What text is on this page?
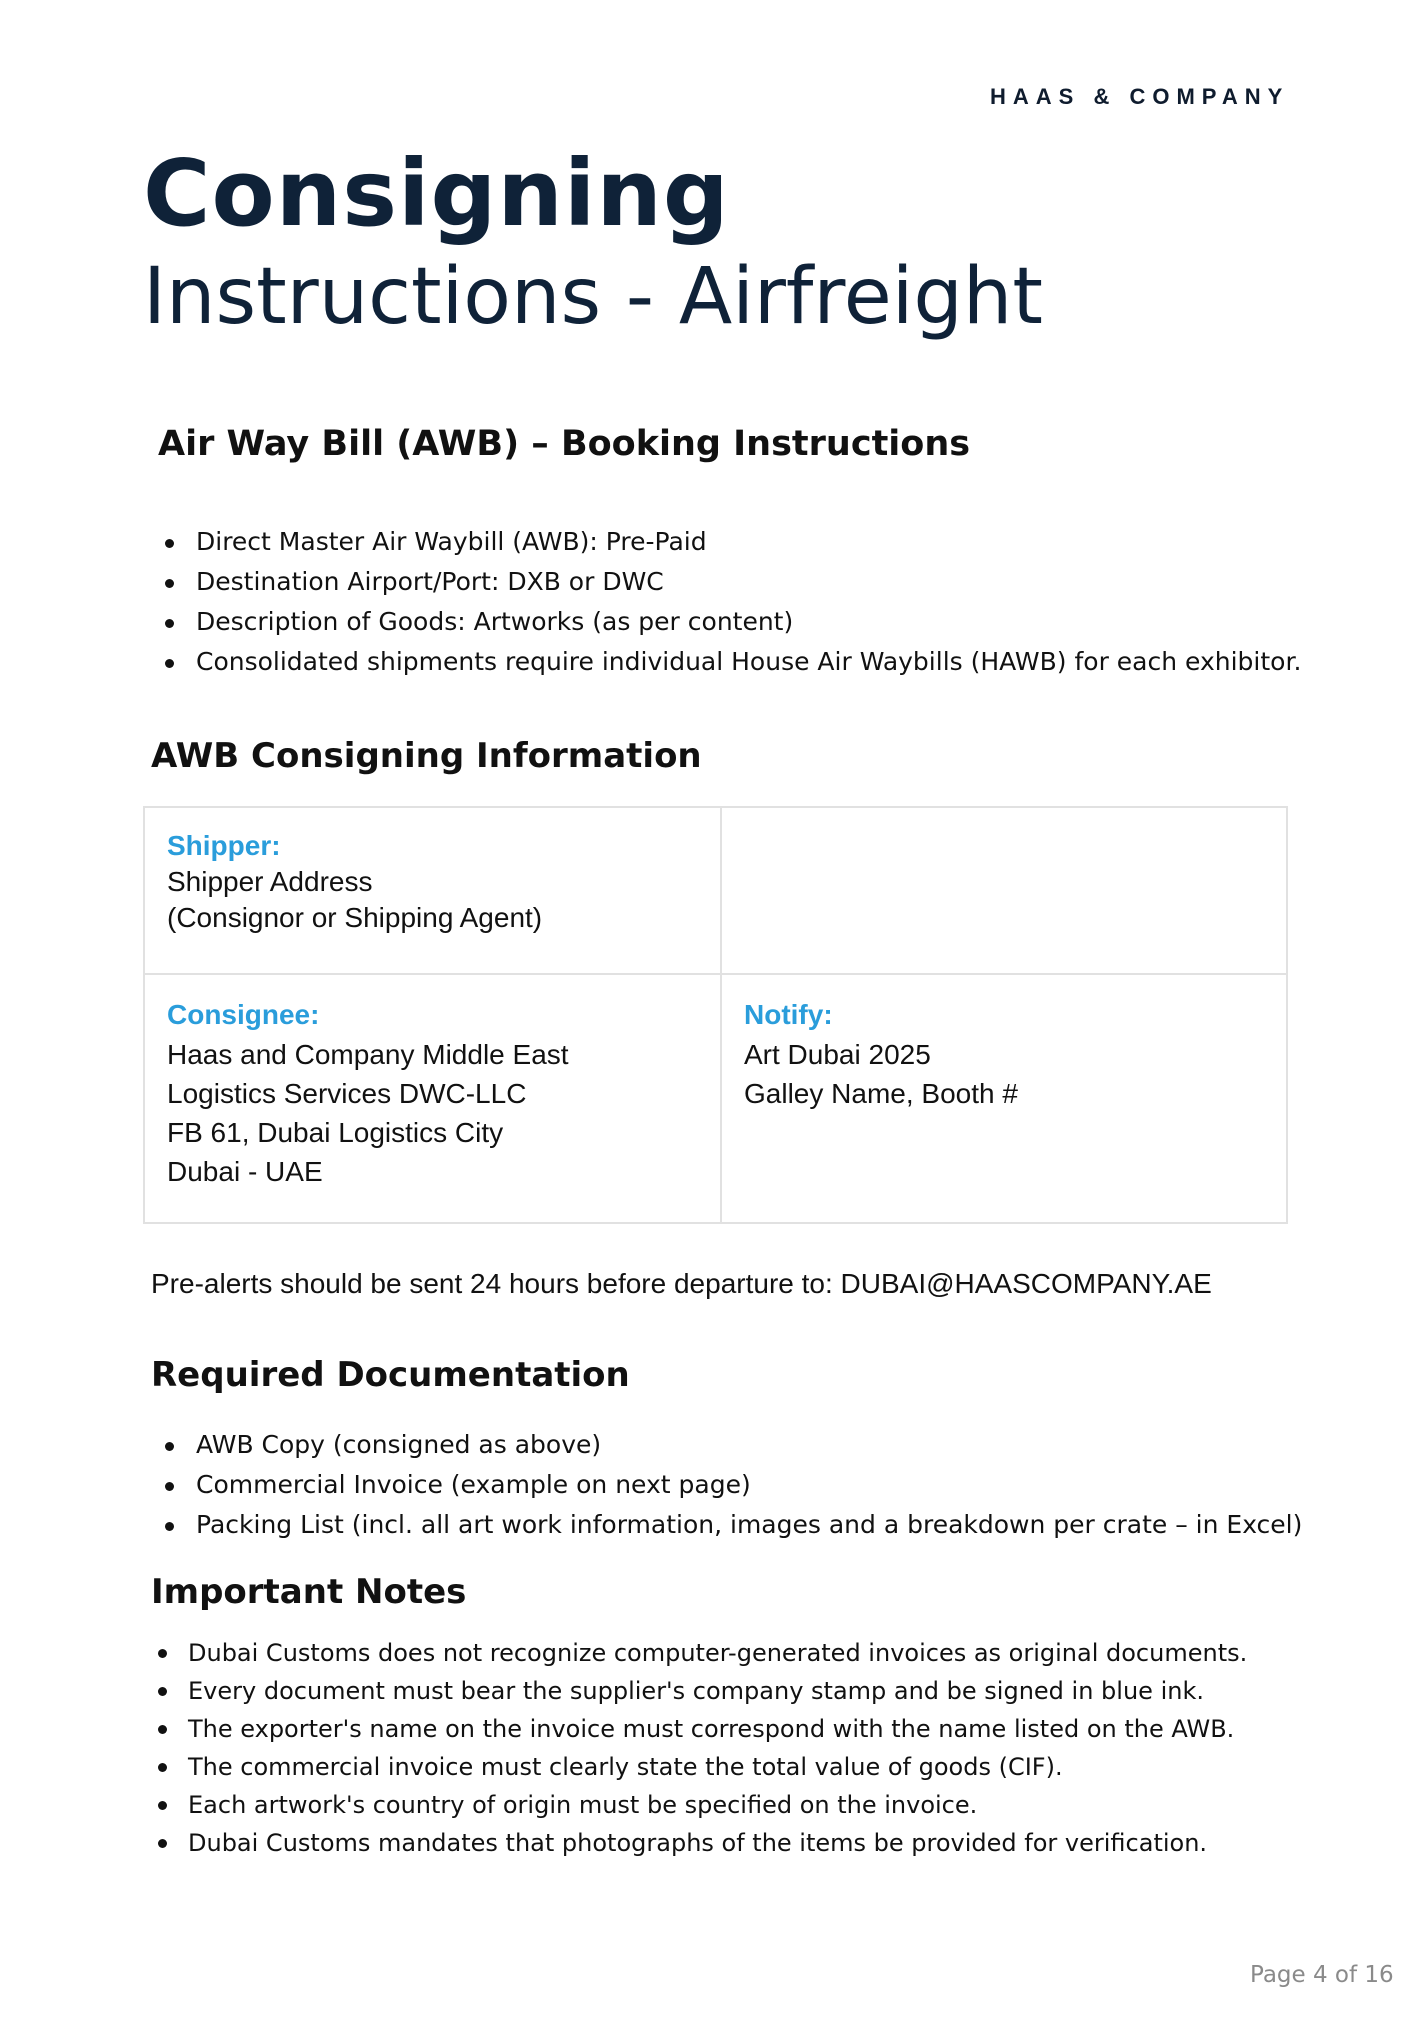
HAAS & COMPANY
Consigning
Instructions - Airfreight
Air Way Bill (AWB) – Booking Instructions
Direct Master Air Waybill (AWB): Pre-Paid
Destination Airport/Port: DXB or DWC
Description of Goods: Artworks (as per content)
Consolidated shipments require individual House Air Waybills (HAWB) for each exhibitor.
AWB Consigning Information
Shipper:
Shipper Address
(Consignor or Shipping Agent)
Consignee:
Haas and Company Middle East
Logistics Services DWC-LLC
FB 61, Dubai Logistics City
Dubai - UAE
Notify:
Art Dubai 2025
Galley Name, Booth #
Pre-alerts should be sent 24 hours before departure to: DUBAI@HAASCOMPANY.AE
Required Documentation
AWB Copy (consigned as above)
Commercial Invoice (example on next page)
Packing List (incl. all art work information, images and a breakdown per crate – in Excel)
Important Notes
Dubai Customs does not recognize computer-generated invoices as original documents.
Every document must bear the supplier's company stamp and be signed in blue ink.
The exporter's name on the invoice must correspond with the name listed on the AWB.
The commercial invoice must clearly state the total value of goods (CIF).
Each artwork's country of origin must be specified on the invoice.
Dubai Customs mandates that photographs of the items be provided for verification.
Page 4 of 16
